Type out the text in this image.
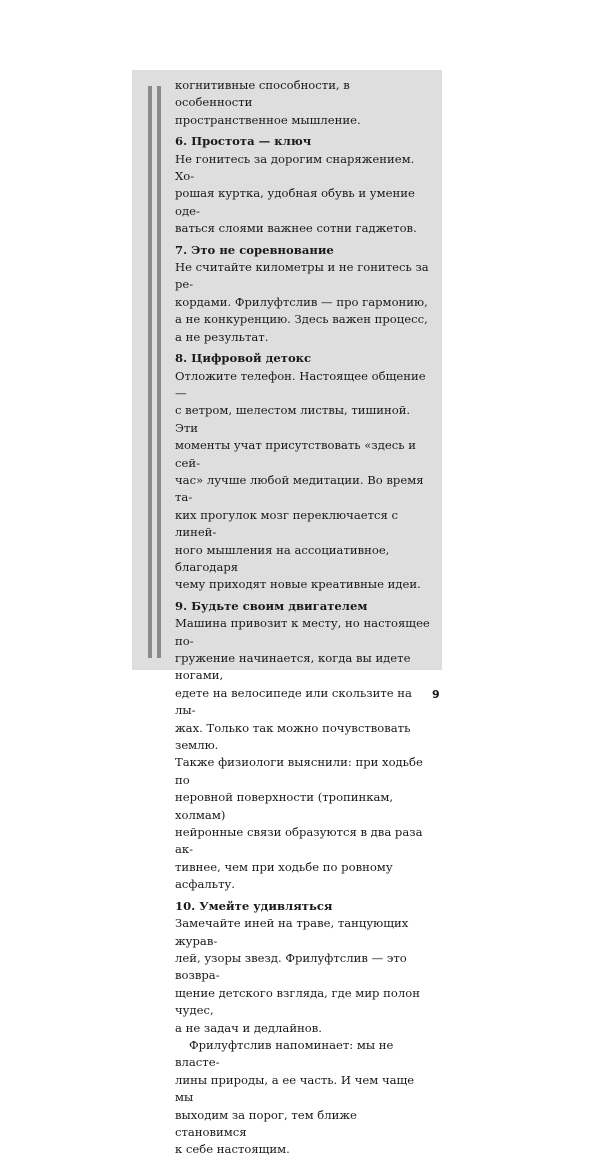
когнитивные способности, в особенности

пространственное мышление.

6. Простота — ключ

Не гонитесь за дорогим снаряжением. Хо-

рошая куртка, удобная обувь и умение оде-

ваться слоями важнее сотни гаджетов.

7. Это не соревнование

Не считайте километры и не гонитесь за ре-

кордами. Фрилуфтслив — про гармонию,

а не конкуренцию. Здесь важен процесс,

а не результат.

8. Цифровой детокс

Отложите телефон. Настоящее общение —

с ветром, шелестом листвы, тишиной. Эти

моменты учат присутствовать «здесь и сей-

час» лучше любой медитации. Во время та-

ких прогулок мозг переключается с линей-

ного мышления на ассоциативное, благодаря

чему приходят новые креативные идеи.

9. Будьте своим двигателем

Машина привозит к месту, но настоящее по-

гружение начинается, когда вы идете ногами,

едете на велосипеде или скользите на лы-

жах. Только так можно почувствовать землю.

Также физиологи выяснили: при ходьбе по

неровной поверхности (тропинкам, холмам)

нейронные связи образуются в два раза ак-

тивнее, чем при ходьбе по ровному асфальту.

10. Умейте удивляться

Замечайте иней на траве, танцующих журав-

лей, узоры звезд. Фрилуфтслив — это возвра-

щение детского взгляда, где мир полон чудес,

а не задач и дедлайнов.

Фрилуфтслив напоминает: мы не власте-

лины природы, а ее часть. И чем чаще мы

выходим за порог, тем ближе становимся

к себе настоящим.

9
